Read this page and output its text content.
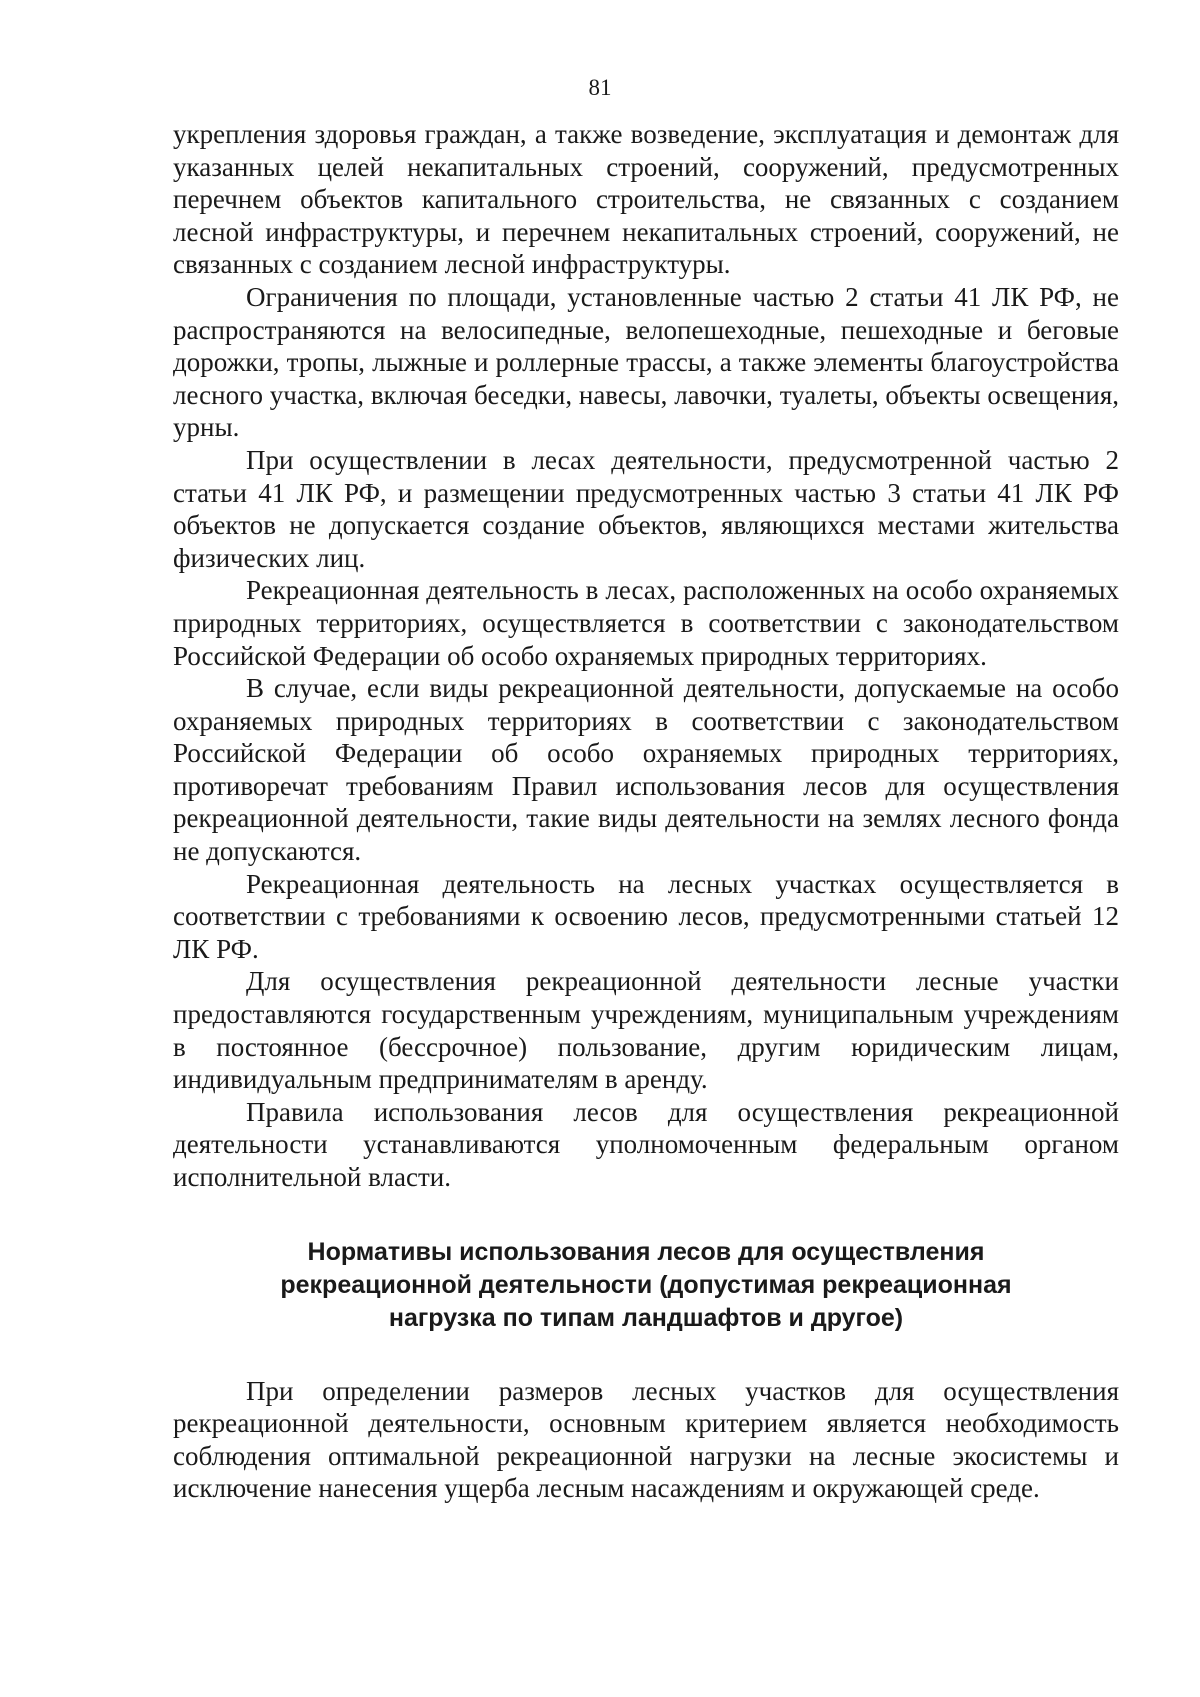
81

укрепления здоровья граждан, а также возведение, эксплуатация и демонтаж для указанных целей некапитальных строений, сооружений, предусмотренных перечнем объектов капитального строительства, не связанных с созданием лесной инфраструктуры, и перечнем некапитальных строений, сооружений, не связанных с созданием лесной инфраструктуры.

Ограничения по площади, установленные частью 2 статьи 41 ЛК РФ, не распространяются на велосипедные, велопешеходные, пешеходные и беговые дорожки, тропы, лыжные и роллерные трассы, а также элементы благоустройства лесного участка, включая беседки, навесы, лавочки, туалеты, объекты освещения, урны.

При осуществлении в лесах деятельности, предусмотренной частью 2 статьи 41 ЛК РФ, и размещении предусмотренных частью 3 статьи 41 ЛК РФ объектов не допускается создание объектов, являющихся местами жительства физических лиц.

Рекреационная деятельность в лесах, расположенных на особо охраняемых природных территориях, осуществляется в соответствии с законодательством Российской Федерации об особо охраняемых природных территориях.

В случае, если виды рекреационной деятельности, допускаемые на особо охраняемых природных территориях в соответствии с законодательством Российской Федерации об особо охраняемых природных территориях, противоречат требованиям Правил использования лесов для осуществления рекреационной деятельности, такие виды деятельности на землях лесного фонда не допускаются.

Рекреационная деятельность на лесных участках осуществляется в соответствии с требованиями к освоению лесов, предусмотренными статьей 12 ЛК РФ.

Для осуществления рекреационной деятельности лесные участки предоставляются государственным учреждениям, муниципальным учреждениям в постоянное (бессрочное) пользование, другим юридическим лицам, индивидуальным предпринимателям в аренду.

Правила использования лесов для осуществления рекреационной деятельности устанавливаются уполномоченным федеральным органом исполнительной власти.

Нормативы использования лесов для осуществления
рекреационной деятельности (допустимая рекреационная
нагрузка по типам ландшафтов и другое)

При определении размеров лесных участков для осуществления рекреационной деятельности, основным критерием является необходимость соблюдения оптимальной рекреационной нагрузки на лесные экосистемы и исключение нанесения ущерба лесным насаждениям и окружающей среде.
